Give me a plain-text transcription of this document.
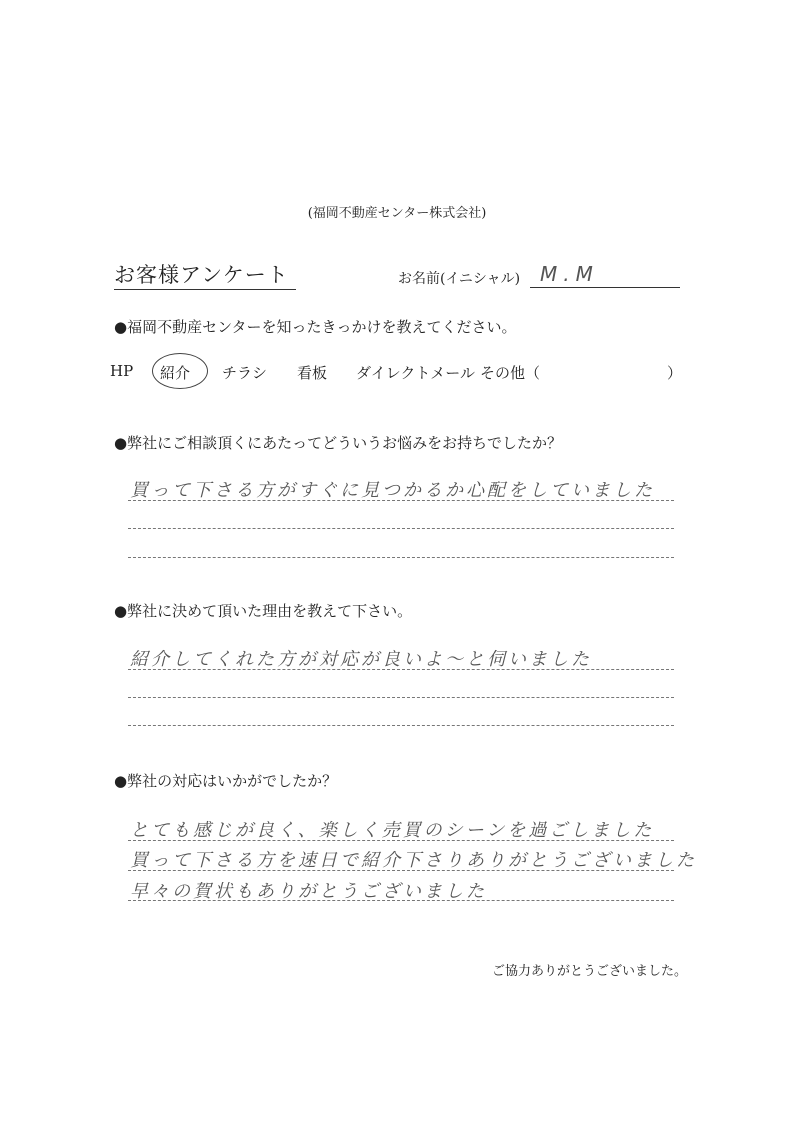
(福岡不動産センター株式会社)
お客様アンケート	お名前(イニシャル) M.M
●福岡不動産センターを知ったきっかけを教えてください。
HP 紹介 チラシ 看板 ダイレクトメール その他（	）
●弊社にご相談頂くにあたってどういうお悩みをお持ちでしたか？
買って下さる方がすぐに見つかるか心配をしていました
●弊社に決めて頂いた理由を教えて下さい。
紹介してくれた方が対応が良いよ〜と伺いました
●弊社の対応はいかがでしたか？
とても感じが良く、楽しく売買のシーンを過ごしました
買って下さる方を速日で紹介下さりありがとうございました
早々の賀状もありがとうございました
ご協力ありがとうございました。
